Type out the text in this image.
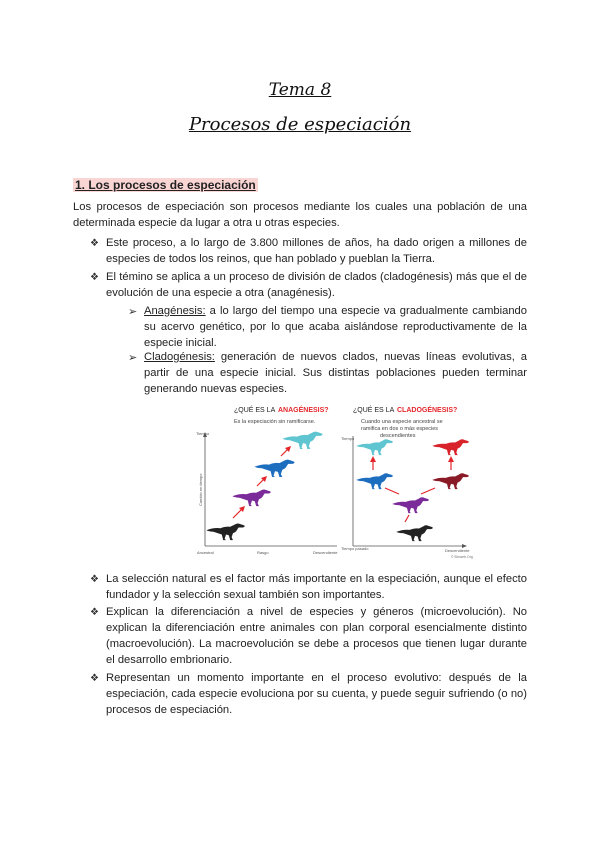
Tema 8
Procesos de especiación
1. Los procesos de especiación
Los procesos de especiación son procesos mediante los cuales una población de una determinada especie da lugar a otra u otras especies.
❖ Este proceso, a lo largo de 3.800 millones de años, ha dado origen a millones de especies de todos los reinos, que han poblado y pueblan la Tierra.
❖ El témino se aplica a un proceso de división de clados (cladogénesis) más que el de evolución de una especie a otra (anagénesis).
➢ Anagénesis: a lo largo del tiempo una especie va gradualmente cambiando su acervo genético, por lo que acaba aislándose reproductivamente de la especie inicial.
➢ Cladogénesis: generación de nuevos clados, nuevas líneas evolutivas, a partir de una especie inicial. Sus distintas poblaciones pueden terminar generando nuevas especies.
¿QUÉ ES LA ANAGÉNESIS?
Es la especiación sin ramificarse.
Tiempo
Cambio en tiempo
Ancestral	Rasgo	Descendiente
¿QUÉ ES LA CLADOGÉNESIS?
Cuando una especie ancestral se
ramifica en dos o más especies
descendientes
Tiempo
Tiempo pasado	Descendiente
© Bioweb.Org
❖ La selección natural es el factor más importante en la especiación, aunque el efecto fundador y la selección sexual también son importantes.
❖ Explican la diferenciación a nivel de especies y géneros (microevolución). No explican la diferenciación entre animales con plan corporal esencialmente distinto (macroevolución). La macroevolución se debe a procesos que tienen lugar durante el desarrollo embrionario.
❖ Representan un momento importante en el proceso evolutivo: después de la especiación, cada especie evoluciona por su cuenta, y puede seguir sufriendo (o no) procesos de especiación.
